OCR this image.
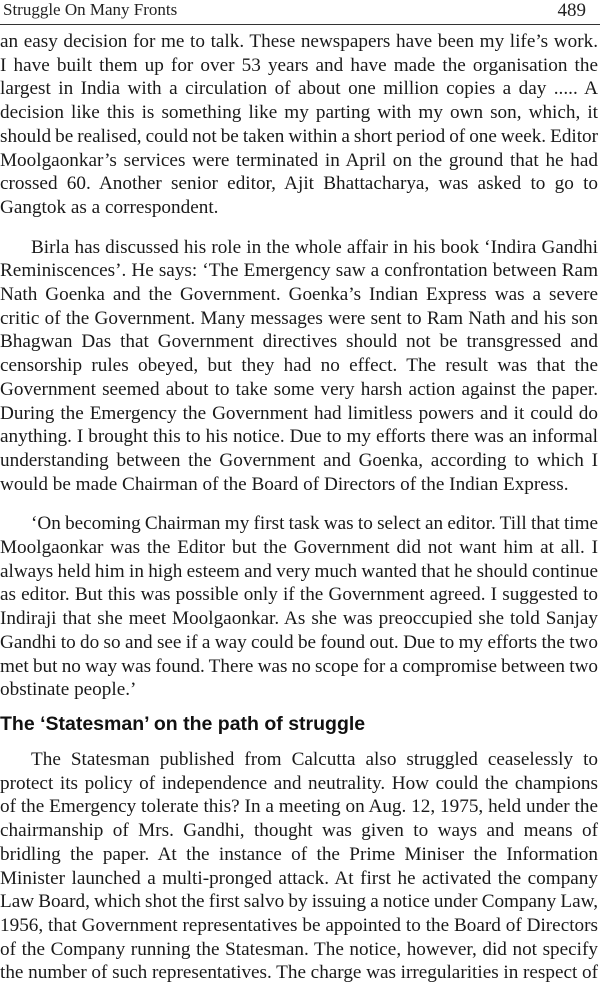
Struggle On Many Fronts	489
an easy decision for me to talk. These newspapers have been my life’s work.
I have built them up for over 53 years and have made the organisation the
largest in India with a circulation of about one million copies a day ..... A
decision like this is something like my parting with my own son, which, it
should be realised, could not be taken within a short period of one week. Editor
Moolgaonkar’s services were terminated in April on the ground that he had
crossed 60. Another senior editor, Ajit Bhattacharya, was asked to go to
Gangtok as a correspondent.
Birla has discussed his role in the whole affair in his book ‘Indira Gandhi
Reminiscences’. He says: ‘The Emergency saw a confrontation between Ram
Nath Goenka and the Government. Goenka’s Indian Express was a severe
critic of the Government. Many messages were sent to Ram Nath and his son
Bhagwan Das that Government directives should not be transgressed and
censorship rules obeyed, but they had no effect. The result was that the
Government seemed about to take some very harsh action against the paper.
During the Emergency the Government had limitless powers and it could do
anything. I brought this to his notice. Due to my efforts there was an informal
understanding between the Government and Goenka, according to which I
would be made Chairman of the Board of Directors of the Indian Express.
‘On becoming Chairman my first task was to select an editor. Till that time
Moolgaonkar was the Editor but the Government did not want him at all. I
always held him in high esteem and very much wanted that he should continue
as editor. But this was possible only if the Government agreed. I suggested to
Indiraji that she meet Moolgaonkar. As she was preoccupied she told Sanjay
Gandhi to do so and see if a way could be found out. Due to my efforts the two
met but no way was found. There was no scope for a compromise between two
obstinate people.’
The ‘Statesman’ on the path of struggle
The Statesman published from Calcutta also struggled ceaselessly to
protect its policy of independence and neutrality. How could the champions
of the Emergency tolerate this? In a meeting on Aug. 12, 1975, held under the
chairmanship of Mrs. Gandhi, thought was given to ways and means of
bridling the paper. At the instance of the Prime Miniser the Information
Minister launched a multi-pronged attack. At first he activated the company
Law Board, which shot the first salvo by issuing a notice under Company Law,
1956, that Government representatives be appointed to the Board of Directors
of the Company running the Statesman. The notice, however, did not specify
the number of such representatives. The charge was irregularities in respect of
